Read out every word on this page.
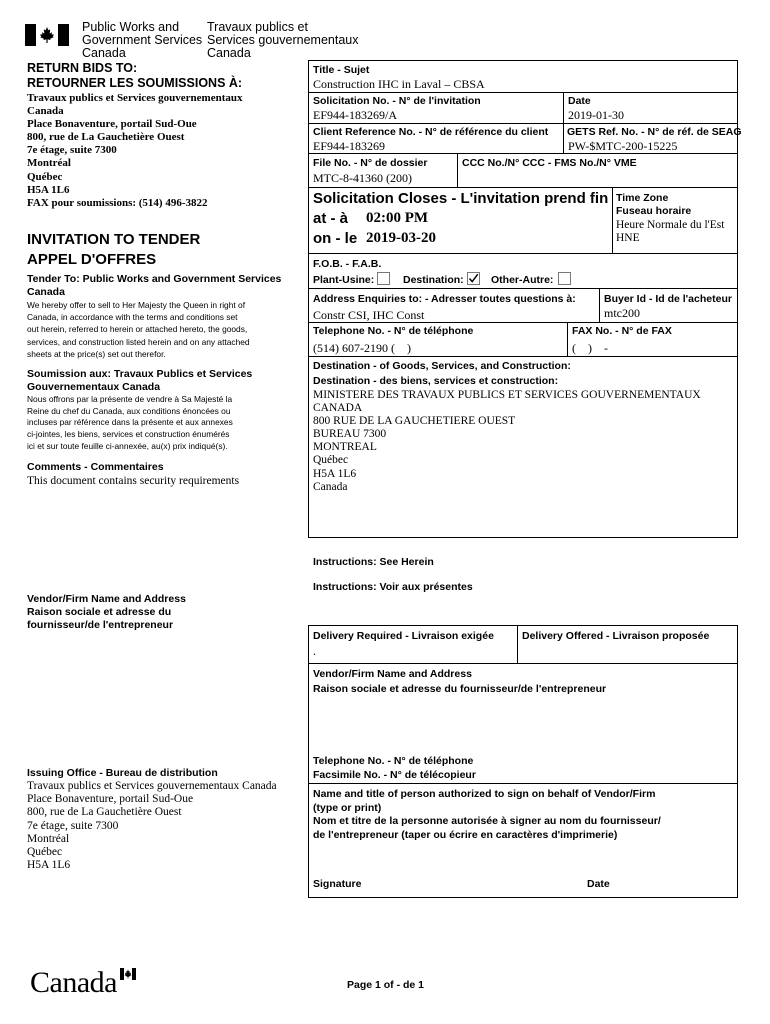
Public Works and
Government Services
Canada
Travaux publics et
Services gouvernementaux
Canada
RETURN BIDS TO:
RETOURNER LES SOUMISSIONS À:
Travaux publics et Services gouvernementaux
Canada
Place Bonaventure, portail Sud-Oue
800, rue de La Gauchetière Ouest
7e étage, suite 7300
Montréal
Québec
H5A 1L6
FAX pour soumissions: (514) 496-3822
INVITATION TO TENDER
APPEL D'OFFRES
Tender To: Public Works and Government Services Canada
We hereby offer to sell to Her Majesty the Queen in right of
Canada, in accordance with the terms and conditions set
out herein, referred to herein or attached hereto, the goods,
services, and construction listed herein and on any attached
sheets at the price(s) set out therefor.
Soumission aux: Travaux Publics et Services Gouvernementaux Canada
Nous offrons par la présente de vendre à Sa Majesté la
Reine du chef du Canada, aux conditions énoncées ou
incluses par référence dans la présente et aux annexes
ci-jointes, les biens, services et construction énumérés
ici et sur toute feuille ci-annexée, au(x) prix indiqué(s).
Comments - Commentaires
This document contains security requirements
Vendor/Firm Name and Address
Raison sociale et adresse du
fournisseur/de l'entrepreneur
Issuing Office - Bureau de distribution
Travaux publics et Services gouvernementaux Canada
Place Bonaventure, portail Sud-Oue
800, rue de La Gauchetière Ouest
7e étage, suite 7300
Montréal
Québec
H5A 1L6
Title - Sujet
Construction IHC in Laval – CBSA
Solicitation No. - N° de l'invitation
EF944-183269/A
Date
2019-01-30
Client Reference No. - N° de référence du client
EF944-183269
GETS Ref. No. - N° de réf. de SEAG
PW-$MTC-200-15225
File No. - N° de dossier
MTC-8-41360 (200)
CCC No./N° CCC - FMS No./N° VME
Solicitation Closes - L'invitation prend fin
at - à 02:00 PM
on - le 2019-03-20
Time Zone
Fuseau horaire
Heure Normale du l'Est
HNE
F.O.B. - F.A.B.
Plant-Usine:	Destination:	Other-Autre:
Address Enquiries to: - Adresser toutes questions à:
Constr CSI, IHC Const
Buyer Id - Id de l'acheteur
mtc200
Telephone No. - N° de téléphone
(514) 607-2190 (    )
FAX No. - N° de FAX
(    )    -
Destination - of Goods, Services, and Construction:
Destination - des biens, services et construction:
MINISTERE DES TRAVAUX PUBLICS ET SERVICES GOUVERNEMENTAUX
CANADA
800 RUE DE LA GAUCHETIERE OUEST
BUREAU 7300
MONTREAL
Québec
H5A 1L6
Canada
Instructions: See Herein
Instructions: Voir aux présentes
Delivery Required - Livraison exigée
.
Delivery Offered - Livraison proposée
Vendor/Firm Name and Address
Raison sociale et adresse du fournisseur/de l'entrepreneur
Telephone No. - N° de téléphone
Facsimile No. - N° de télécopieur
Name and title of person authorized to sign on behalf of Vendor/Firm
(type or print)
Nom et titre de la personne autorisée à signer au nom du fournisseur/
de l'entrepreneur (taper ou écrire en caractères d'imprimerie)
Signature	Date
Canada	Page 1 of - de 1
